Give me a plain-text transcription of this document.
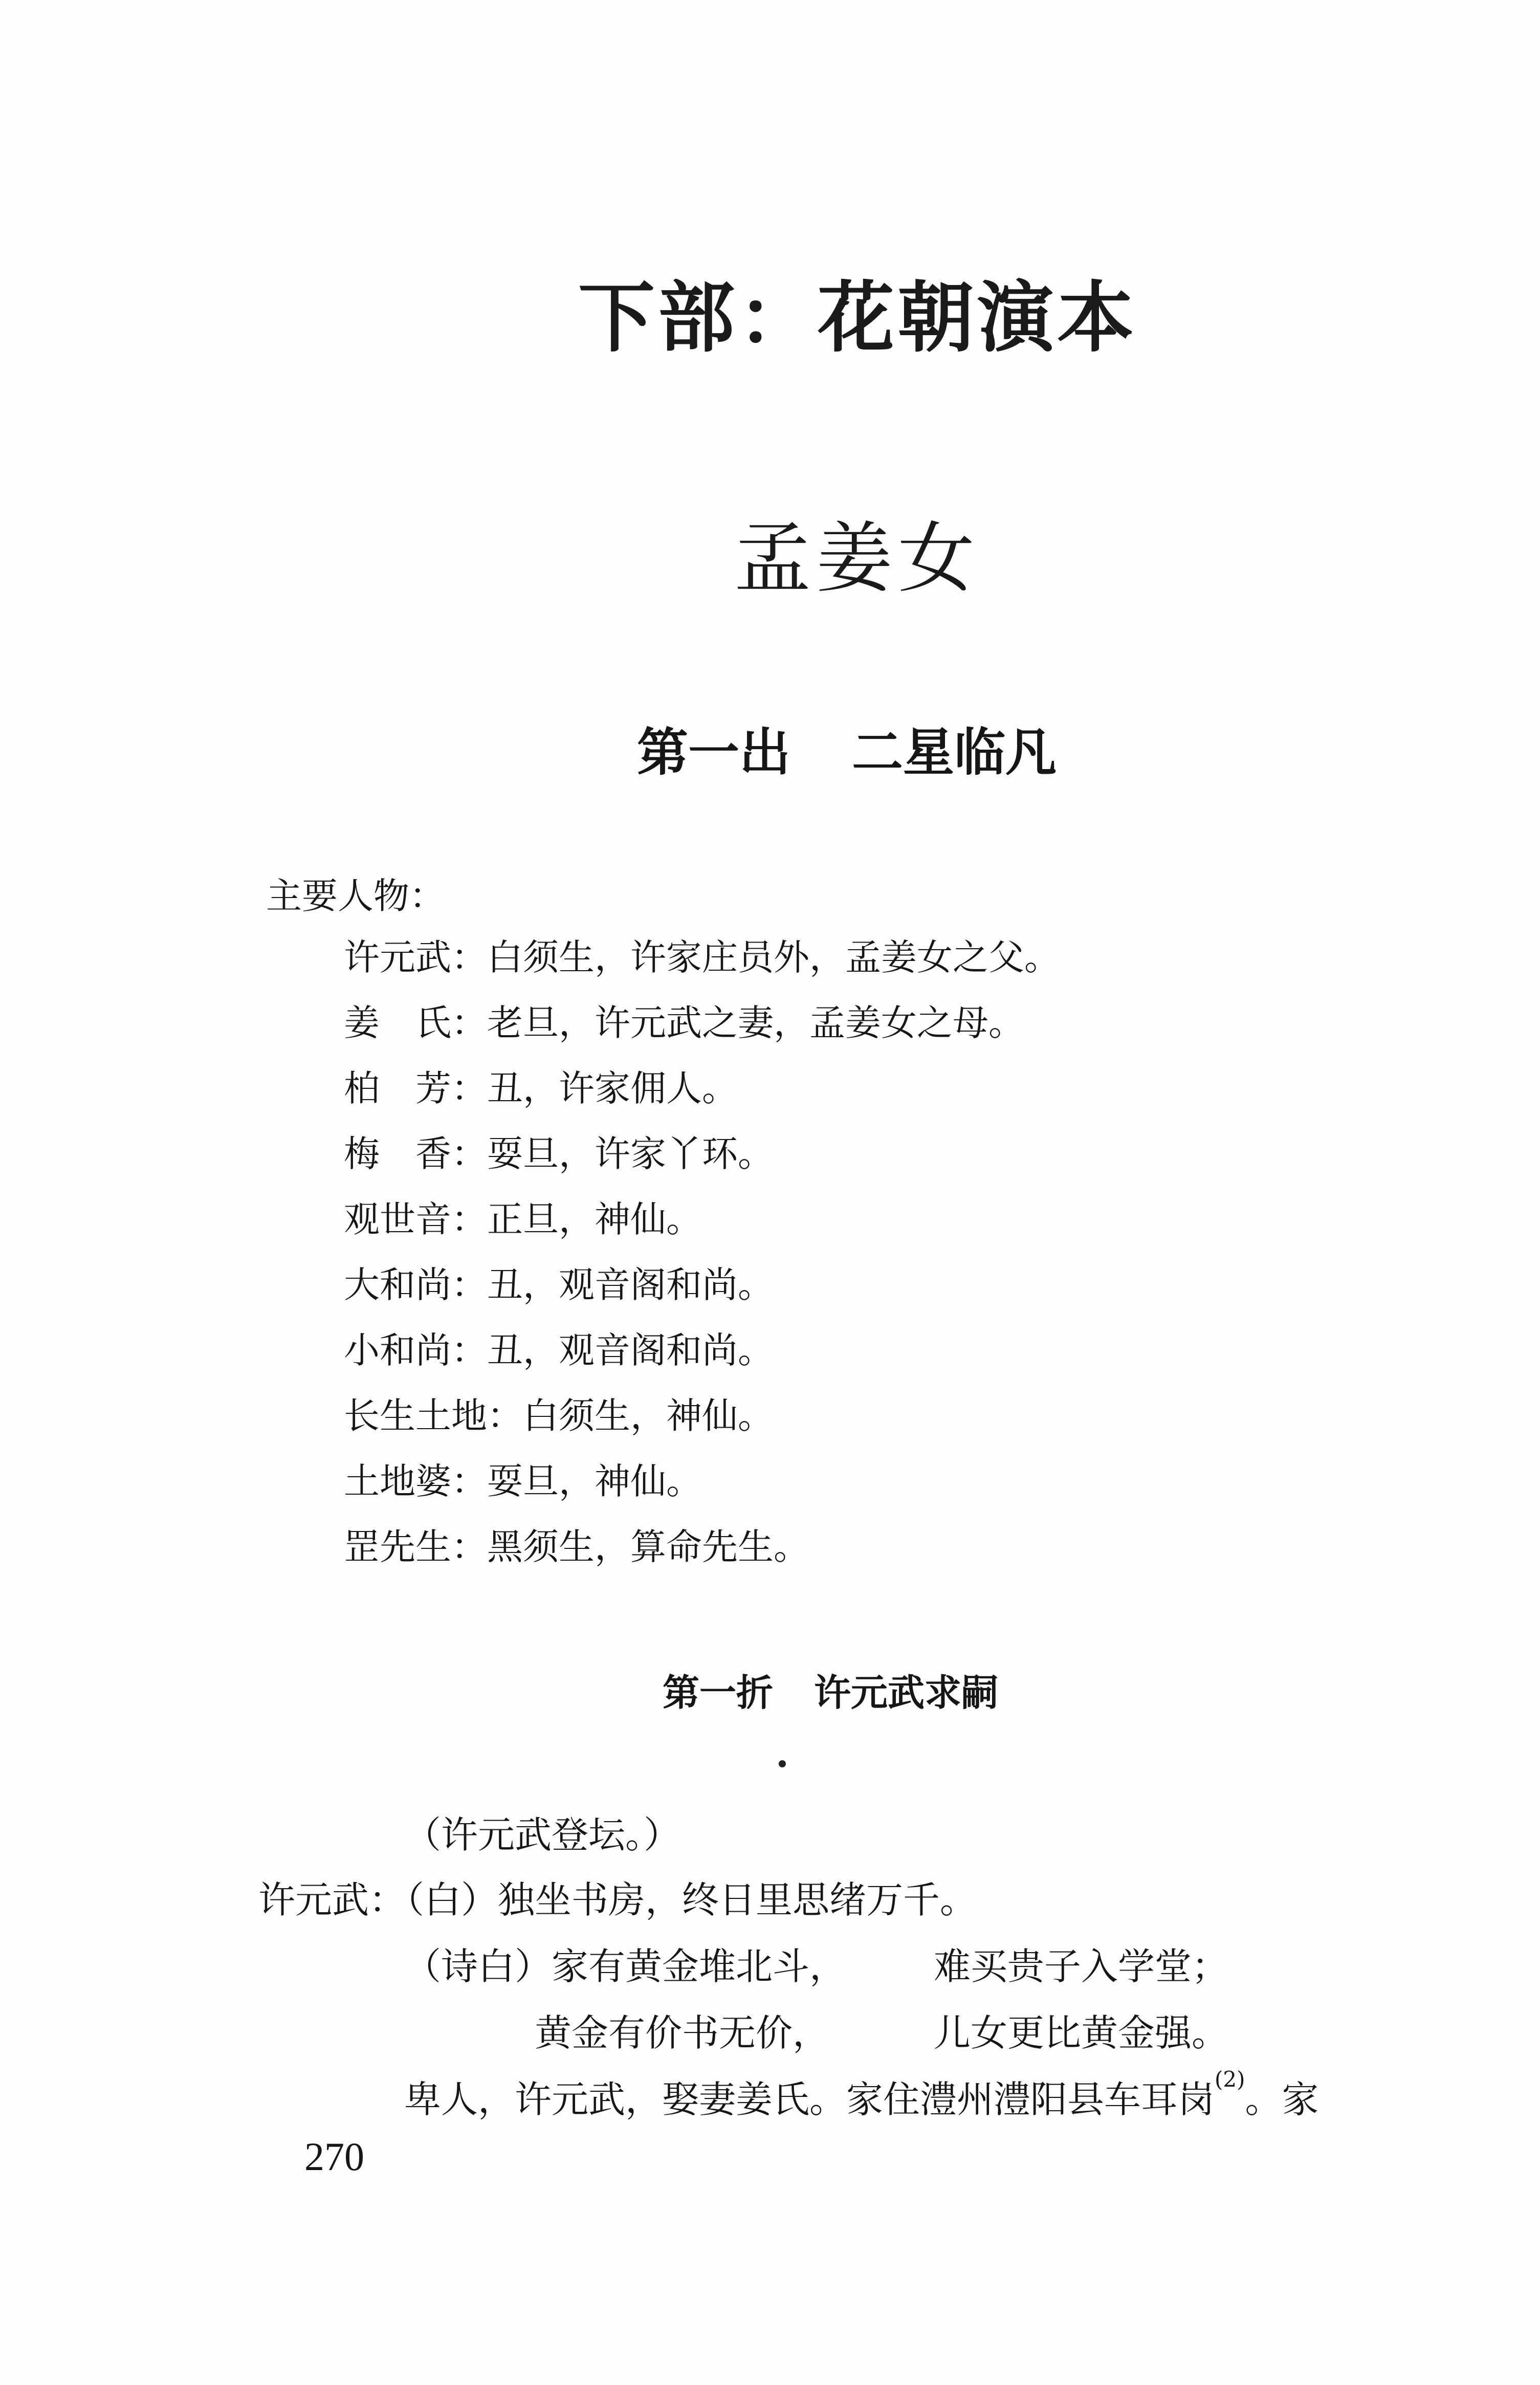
下部：花朝演本
孟姜女
第一出 二星临凡
主要人物：
许元武：白须生，许家庄员外，孟姜女之父。
姜　氏：老旦，许元武之妻，孟姜女之母。
柏　芳：丑，许家佣人。
梅　香：耍旦，许家丫环。
观世音：正旦，神仙。
大和尚：丑，观音阁和尚。
小和尚：丑，观音阁和尚。
长生土地：白须生，神仙。
土地婆：耍旦，神仙。
罡先生：黑须生，算命先生。
第一折 许元武求嗣
（许元武登坛。）
许元武：（白）独坐书房，终日里思绪万千。
（诗白）家有黄金堆北斗， 难买贵子入学堂；
黄金有价书无价，	儿女更比黄金强。
卑人，许元武，娶妻姜氏。家住澧州澧阳县车耳岗$^{(2)}$。家
270
